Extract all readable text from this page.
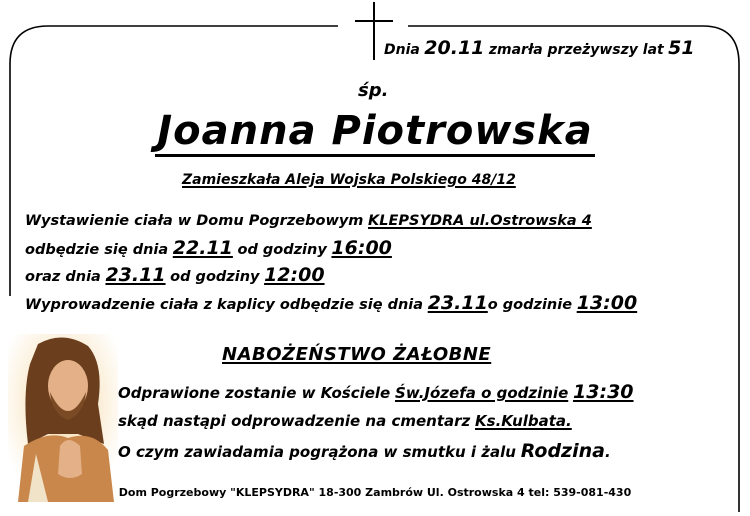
Dnia 20.11 zmarła przeżywszy lat 51
śp.
Joanna Piotrowska
Zamieszkała Aleja Wojska Polskiego 48/12
Wystawienie ciała w Domu Pogrzebowym KLEPSYDRA ul.Ostrowska 4
odbędzie się dnia 22.11 od godziny 16:00
oraz dnia 23.11 od godziny 12:00
Wyprowadzenie ciała z kaplicy odbędzie się dnia 23.11o godzinie 13:00
NABOŻEŃSTWO ŻAŁOBNE
Odprawione zostanie w Kościele Św.Józefa o godzinie 13:30
skąd nastąpi odprowadzenie na cmentarz Ks.Kulbata.
O czym zawiadamia pogrążona w smutku i żalu Rodzina.
Dom Pogrzebowy "KLEPSYDRA" 18-300 Zambrów Ul. Ostrowska 4 tel: 539-081-430
